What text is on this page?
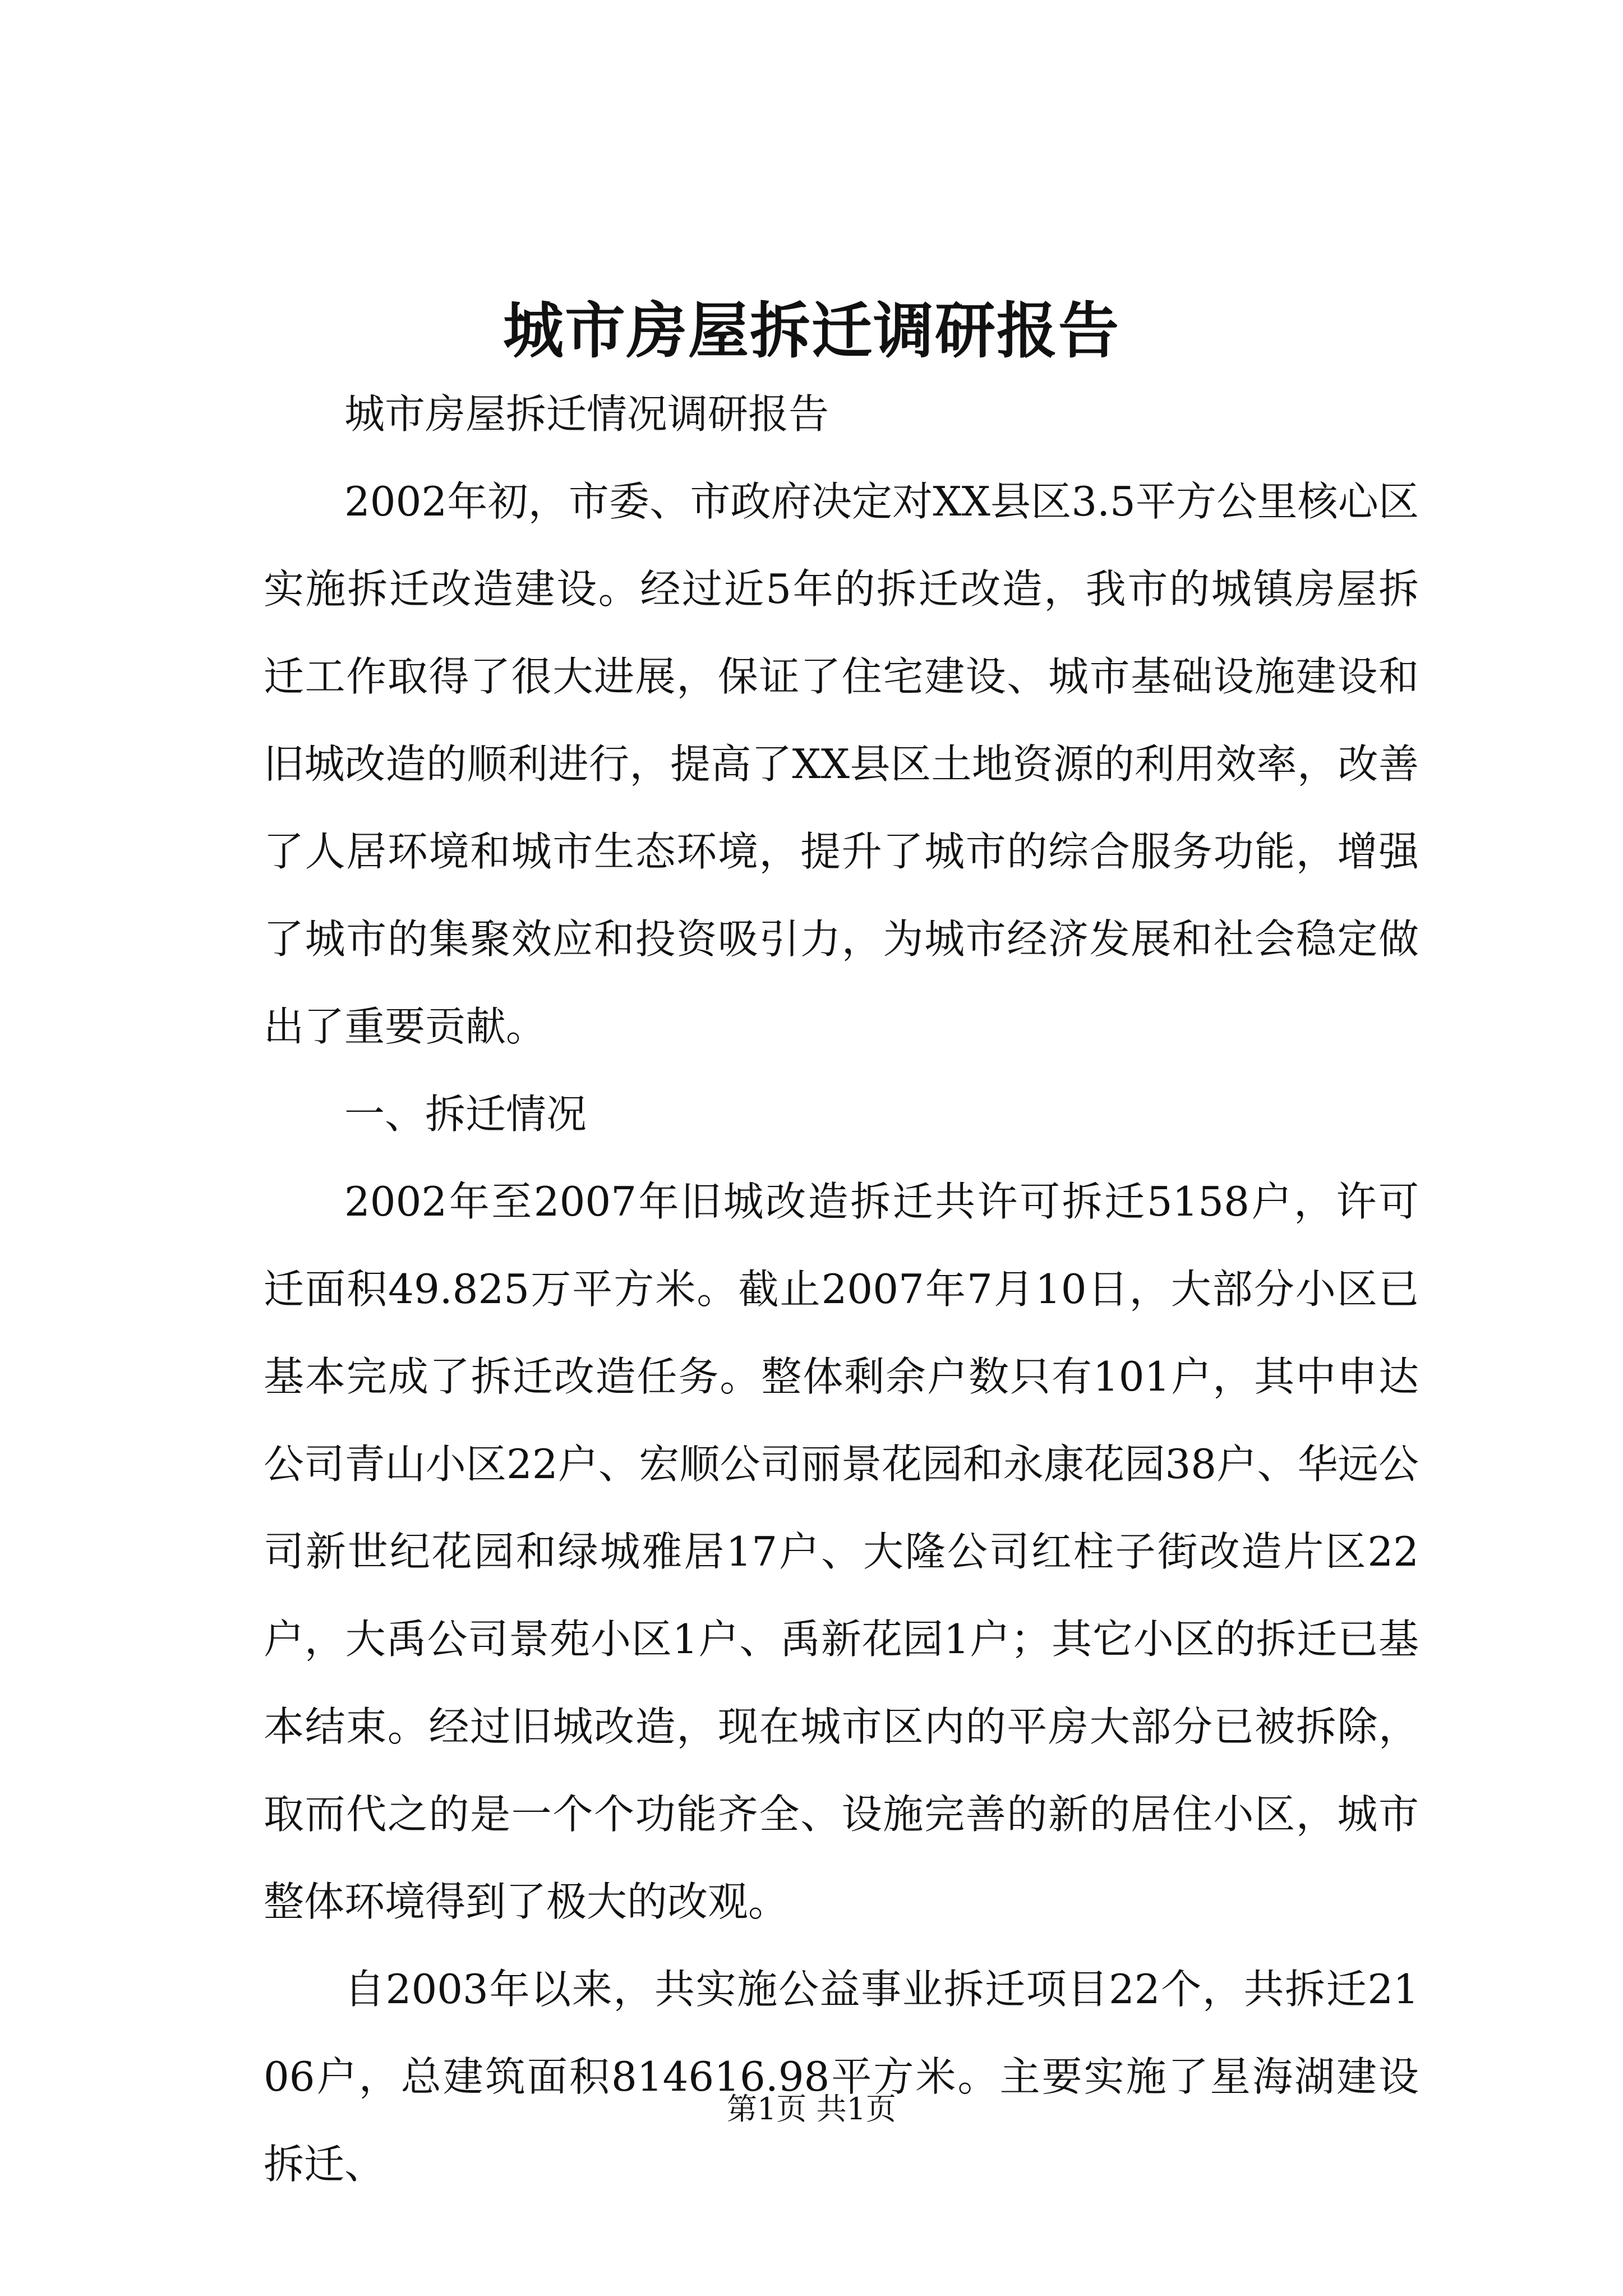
城市房屋拆迁调研报告

城市房屋拆迁情况调研报告

2002年初，市委、市政府决定对XX县区3.5平方公里核心区实施拆迁改造建设。经过近5年的拆迁改造，我市的城镇房屋拆迁工作取得了很大进展，保证了住宅建设、城市基础设施建设和旧城改造的顺利进行，提高了XX县区土地资源的利用效率，改善了人居环境和城市生态环境，提升了城市的综合服务功能，增强了城市的集聚效应和投资吸引力，为城市经济发展和社会稳定做出了重要贡献。

一、拆迁情况

2002年至2007年旧城改造拆迁共许可拆迁5158户，许可迁面积49.825万平方米。截止2007年7月10日，大部分小区已基本完成了拆迁改造任务。整体剩余户数只有101户，其中申达公司青山小区22户、宏顺公司丽景花园和永康花园38户、华远公司新世纪花园和绿城雅居17户、大隆公司红柱子街改造片区22户，大禹公司景苑小区1户、禹新花园1户；其它小区的拆迁已基本结束。经过旧城改造，现在城市区内的平房大部分已被拆除，取而代之的是一个个功能齐全、设施完善的新的居住小区，城市整体环境得到了极大的改观。

自2003年以来，共实施公益事业拆迁项目22个，共拆迁2106户，总建筑面积814616.98平方米。主要实施了星海湖建设拆迁、

第1页 共1页
